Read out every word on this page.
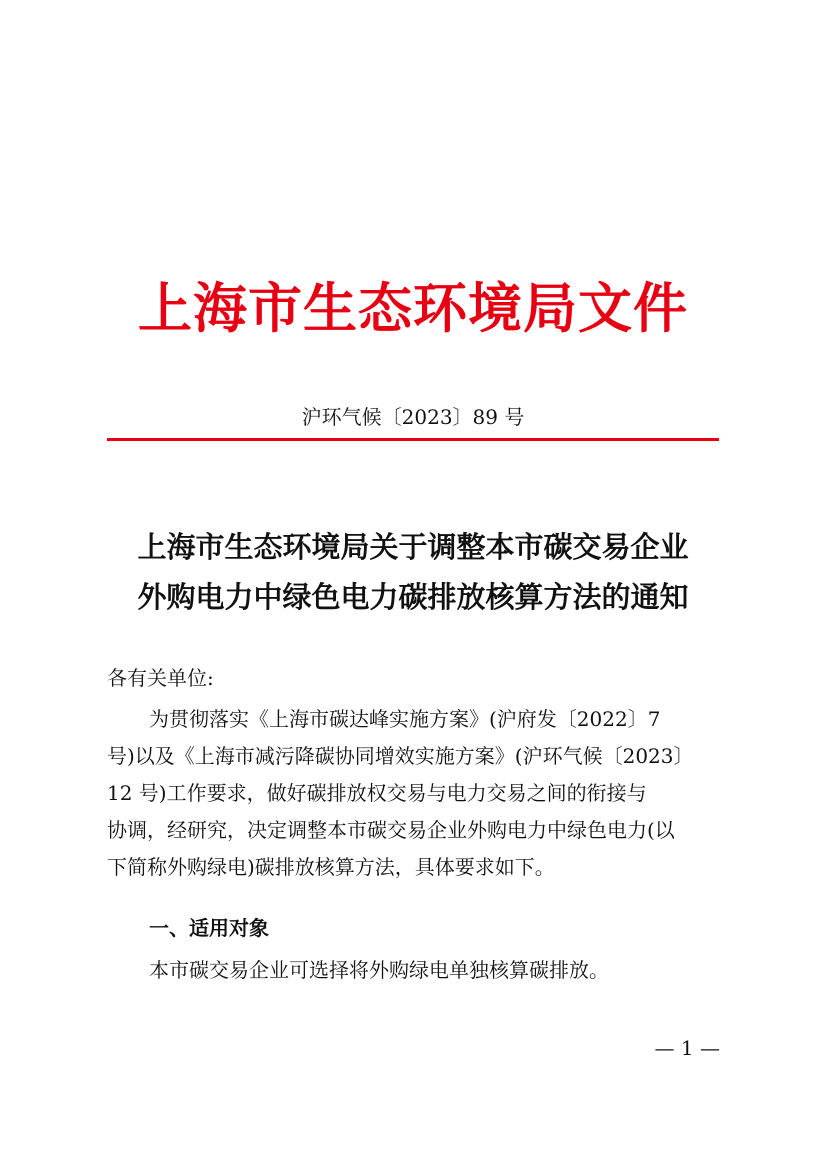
上海市生态环境局文件
沪环气候〔2023〕89 号
上海市生态环境局关于调整本市碳交易企业
外购电力中绿色电力碳排放核算方法的通知
各有关单位:
为贯彻落实《上海市碳达峰实施方案》(沪府发〔2022〕7
号)以及《上海市减污降碳协同增效实施方案》(沪环气候〔2023〕
12 号)工作要求，做好碳排放权交易与电力交易之间的衔接与
协调，经研究，决定调整本市碳交易企业外购电力中绿色电力(以
下简称外购绿电)碳排放核算方法，具体要求如下。
一、适用对象
本市碳交易企业可选择将外购绿电单独核算碳排放。
— 1 —
